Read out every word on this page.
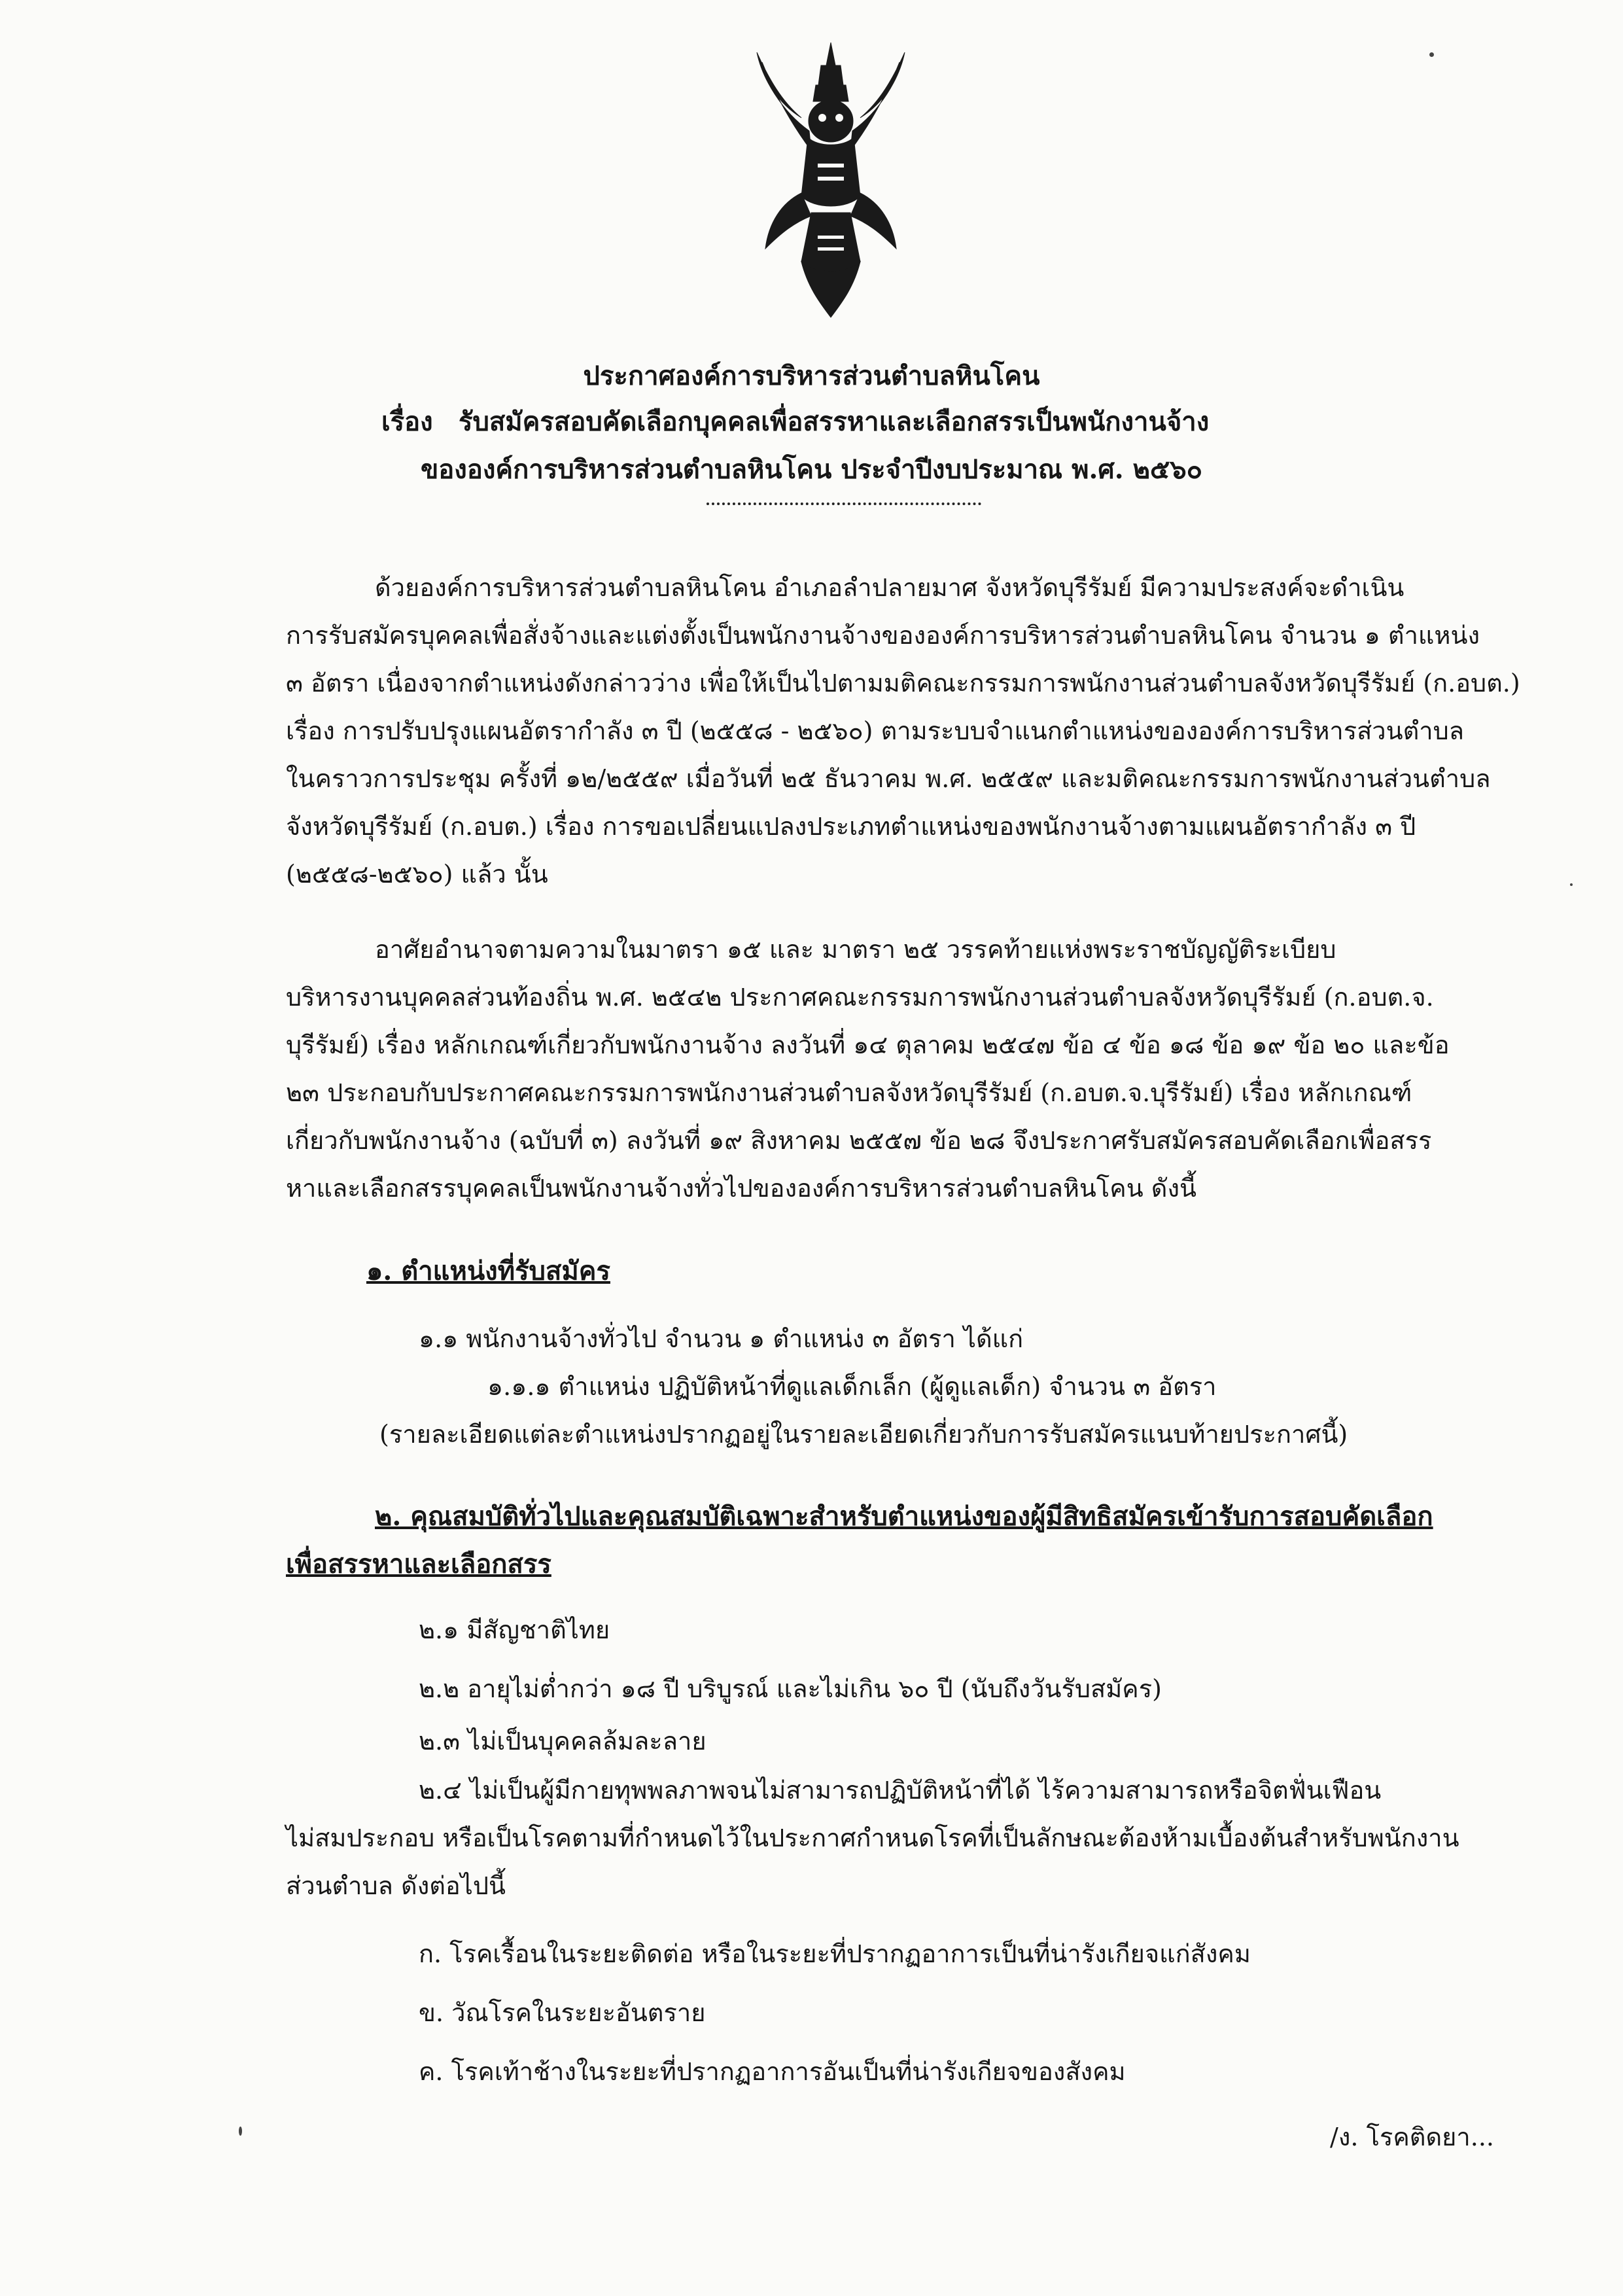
ประกาศองค์การบริหารส่วนตำบลหินโคน
เรื่อง รับสมัครสอบคัดเลือกบุคคลเพื่อสรรหาและเลือกสรรเป็นพนักงานจ้าง
ขององค์การบริหารส่วนตำบลหินโคน ประจำปีงบประมาณ พ.ศ. ๒๕๖๐
ด้วยองค์การบริหารส่วนตำบลหินโคน อำเภอลำปลายมาศ จังหวัดบุรีรัมย์ มีความประสงค์จะดำเนิน
การรับสมัครบุคคลเพื่อสั่งจ้างและแต่งตั้งเป็นพนักงานจ้างขององค์การบริหารส่วนตำบลหินโคน จำนวน ๑ ตำแหน่ง
๓ อัตรา เนื่องจากตำแหน่งดังกล่าวว่าง เพื่อให้เป็นไปตามมติคณะกรรมการพนักงานส่วนตำบลจังหวัดบุรีรัมย์ (ก.อบต.)
เรื่อง การปรับปรุงแผนอัตรากำลัง ๓ ปี (๒๕๕๘ - ๒๕๖๐) ตามระบบจำแนกตำแหน่งขององค์การบริหารส่วนตำบล
ในคราวการประชุม ครั้งที่ ๑๒/๒๕๕๙ เมื่อวันที่ ๒๕ ธันวาคม พ.ศ. ๒๕๕๙ และมติคณะกรรมการพนักงานส่วนตำบล
จังหวัดบุรีรัมย์ (ก.อบต.) เรื่อง การขอเปลี่ยนแปลงประเภทตำแหน่งของพนักงานจ้างตามแผนอัตรากำลัง ๓ ปี
(๒๕๕๘-๒๕๖๐) แล้ว นั้น
อาศัยอำนาจตามความในมาตรา ๑๕ และ มาตรา ๒๕ วรรคท้ายแห่งพระราชบัญญัติระเบียบ
บริหารงานบุคคลส่วนท้องถิ่น พ.ศ. ๒๕๔๒ ประกาศคณะกรรมการพนักงานส่วนตำบลจังหวัดบุรีรัมย์ (ก.อบต.จ.
บุรีรัมย์) เรื่อง หลักเกณฑ์เกี่ยวกับพนักงานจ้าง ลงวันที่ ๑๔ ตุลาคม ๒๕๔๗ ข้อ ๔ ข้อ ๑๘ ข้อ ๑๙ ข้อ ๒๐ และข้อ
๒๓ ประกอบกับประกาศคณะกรรมการพนักงานส่วนตำบลจังหวัดบุรีรัมย์ (ก.อบต.จ.บุรีรัมย์) เรื่อง หลักเกณฑ์
เกี่ยวกับพนักงานจ้าง (ฉบับที่ ๓) ลงวันที่ ๑๙ สิงหาคม ๒๕๕๗ ข้อ ๒๘ จึงประกาศรับสมัครสอบคัดเลือกเพื่อสรร
หาและเลือกสรรบุคคลเป็นพนักงานจ้างทั่วไปขององค์การบริหารส่วนตำบลหินโคน ดังนี้
๑. ตำแหน่งที่รับสมัคร
๑.๑ พนักงานจ้างทั่วไป จำนวน ๑ ตำแหน่ง ๓ อัตรา ได้แก่
๑.๑.๑ ตำแหน่ง ปฏิบัติหน้าที่ดูแลเด็กเล็ก (ผู้ดูแลเด็ก) จำนวน ๓ อัตรา
(รายละเอียดแต่ละตำแหน่งปรากฏอยู่ในรายละเอียดเกี่ยวกับการรับสมัครแนบท้ายประกาศนี้)
๒. คุณสมบัติทั่วไปและคุณสมบัติเฉพาะสำหรับตำแหน่งของผู้มีสิทธิสมัครเข้ารับการสอบคัดเลือก
เพื่อสรรหาและเลือกสรร
๒.๑ มีสัญชาติไทย
๒.๒ อายุไม่ต่ำกว่า ๑๘ ปี บริบูรณ์ และไม่เกิน ๖๐ ปี (นับถึงวันรับสมัคร)
๒.๓ ไม่เป็นบุคคลล้มละลาย
๒.๔ ไม่เป็นผู้มีกายทุพพลภาพจนไม่สามารถปฏิบัติหน้าที่ได้ ไร้ความสามารถหรือจิตฟั่นเฟือน
ไม่สมประกอบ หรือเป็นโรคตามที่กำหนดไว้ในประกาศกำหนดโรคที่เป็นลักษณะต้องห้ามเบื้องต้นสำหรับพนักงาน
ส่วนตำบล ดังต่อไปนี้
ก. โรคเรื้อนในระยะติดต่อ หรือในระยะที่ปรากฏอาการเป็นที่น่ารังเกียจแก่สังคม
ข. วัณโรคในระยะอันตราย
ค. โรคเท้าช้างในระยะที่ปรากฏอาการอันเป็นที่น่ารังเกียจของสังคม
/ง. โรคติดยา...
